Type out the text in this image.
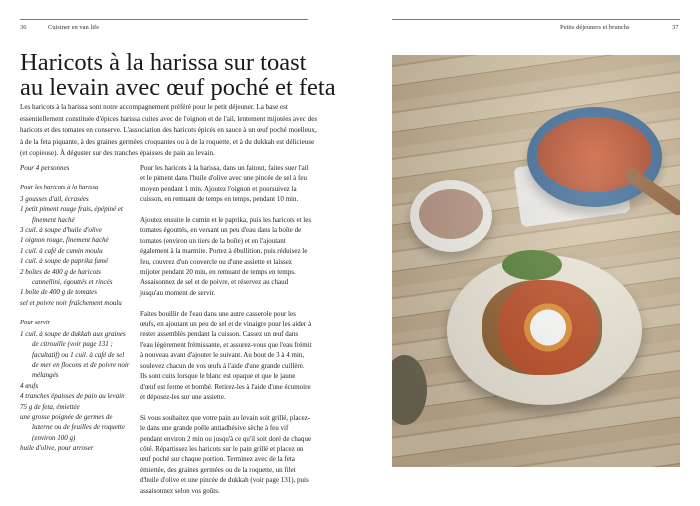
36	Cuisiner en van life	Petits déjeuners et brunchs	37
Haricots à la harissa sur toast
au levain avec œuf poché et feta

Les haricots à la harissa sont notre accompagnement préféré pour le petit déjeuner. La base est essentiellement constituée d'épices harissa cuites avec de l'oignon et de l'ail, lentement mijotées avec des haricots et des tomates en conserve. L'association des haricots épicés en sauce à un œuf poché moelleux, à de la feta piquante, à des graines germées croquantes ou à de la roquette, et à du dukkah est délicieuse (et copieuse). À déguster sur des tranches épaisses de pain au levain.

Pour 4 personnes
Pour les haricots à la harissa
3 gousses d'ail, écrasées
1 petit piment rouge frais, épépiné et finement haché
3 cuil. à soupe d'huile d'olive
1 oignon rouge, finement haché
1 cuil. à café de cumin moulu
1 cuil. à soupe de paprika fumé
2 boîtes de 400 g de haricots cannellini, égouttés et rincés
1 boîte de 400 g de tomates
sel et poivre noir fraîchement moulu
Pour servir
1 cuil. à soupe de dukkah aux graines de citrouille (voir page 131 ; facultatif) ou 1 cuil. à café de sel de mer en flocons et de poivre noir mélangés
4 œufs
4 tranches épaisses de pain au levain
75 g de feta, émiettée
une grosse poignée de germes de luzerne ou de feuilles de roquette (environ 100 g)
huile d'olive, pour arroser

Pour les haricots à la harissa, dans un faitout, faites suer l'ail et le piment dans l'huile d'olive avec une pincée de sel à feu moyen pendant 1 min. Ajoutez l'oignon et poursuivez la cuisson, en remuant de temps en temps, pendant 10 min.

Ajoutez ensuite le cumin et le paprika, puis les haricots et les tomates égouttés, en versant un peu d'eau dans la boîte de tomates (environ un tiers de la boîte) et en l'ajoutant également à la marmite. Portez à ébullition, puis réduisez le feu, couvrez d'un couvercle ou d'une assiette et laissez mijoter pendant 20 min, en remuant de temps en temps. Assaisonnez de sel et de poivre, et réservez au chaud jusqu'au moment de servir.

Faites bouillir de l'eau dans une autre casserole pour les œufs, en ajoutant un peu de sel et de vinaigre pour les aider à rester assemblés pendant la cuisson. Cassez un œuf dans l'eau légèrement frémissante, et assurez-vous que l'eau frémit à nouveau avant d'ajouter le suivant. Au bout de 3 à 4 min, soulevez chacun de vos œufs à l'aide d'une grande cuillère. Ils sont cuits lorsque le blanc est opaque et que le jaune d'œuf est ferme et bombé. Retirez-les à l'aide d'une écumoire et déposez-les sur une assiette.

Si vous souhaitez que votre pain au levain soit grillé, placez-le dans une grande poêle antiadhésive sèche à feu vif pendant environ 2 min ou jusqu'à ce qu'il soit doré de chaque côté. Répartissez les haricots sur le pain grillé et placez un œuf poché sur chaque portion. Terminez avec de la feta émiettée, des graines germées ou de la roquette, un filet d'huile d'olive et une pincée de dukkah (voir page 131), puis assaisonnez selon vos goûts.
